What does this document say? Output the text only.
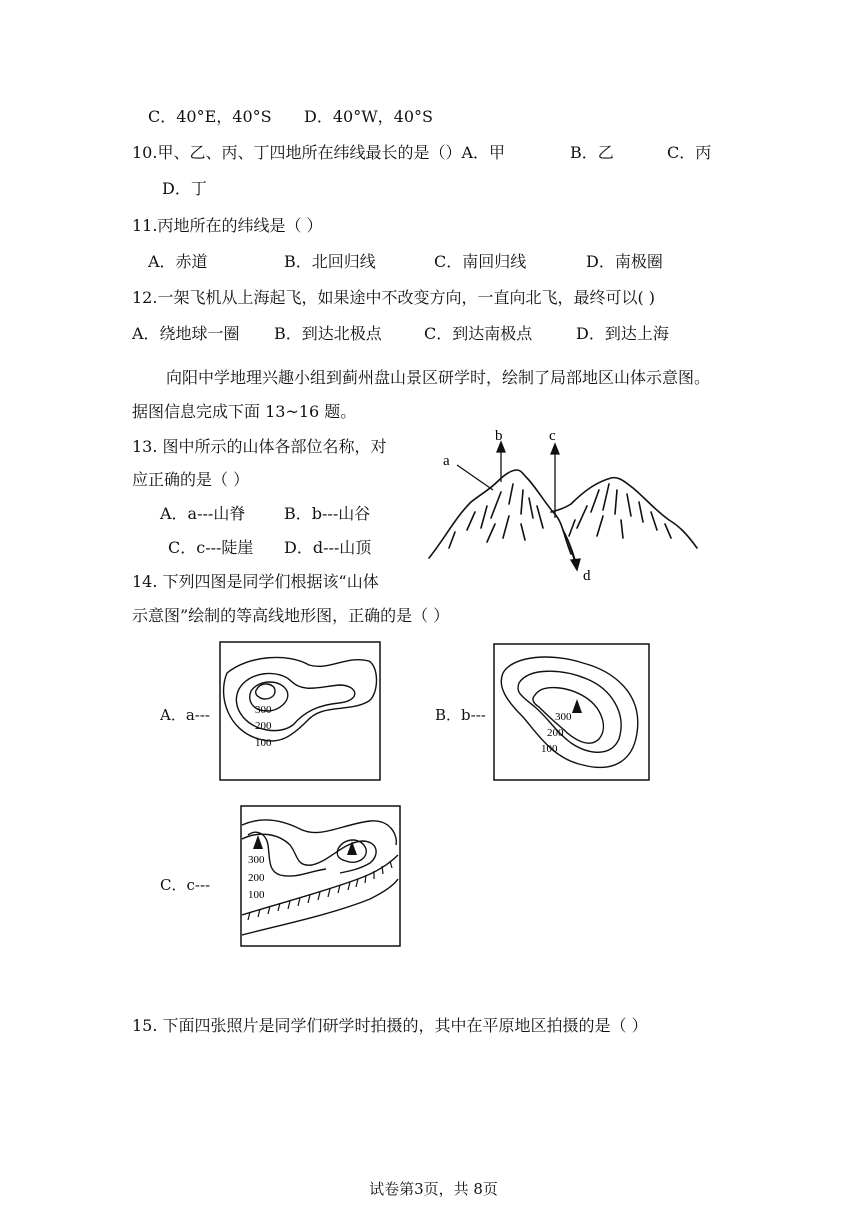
C．40°E，40°S D．40°W，40°S
10.甲、乙、丙、丁四地所在纬线最长的是（）A．甲	B．乙	C．丙
D．丁
11.丙地所在的纬线是（ ）
A．赤道	B．北回归线	C．南回归线	D．南极圈
12.一架飞机从上海起飞，如果途中不改变方向，一直向北飞，最终可以( )
A．绕地球一圈 B．到达北极点	C．到达南极点	D．到达上海
向阳中学地理兴趣小组到蓟州盘山景区研学时，绘制了局部地区山体示意图。
据图信息完成下面 13~16 题。
13. 图中所示的山体各部位名称，对
应正确的是（ ）
A．a---山脊 B．b---山谷
C．c---陡崖 D．d---山顶
a
b	c
d
14. 下列四图是同学们根据该“山体
示意图”绘制的等高线地形图，正确的是（ ）
A．a---	300
200
100
B．b---	300
200
100
C．c---
300
200
100
15. 下面四张照片是同学们研学时拍摄的，其中在平原地区拍摄的是（ ）
试卷第3页，共 8页
